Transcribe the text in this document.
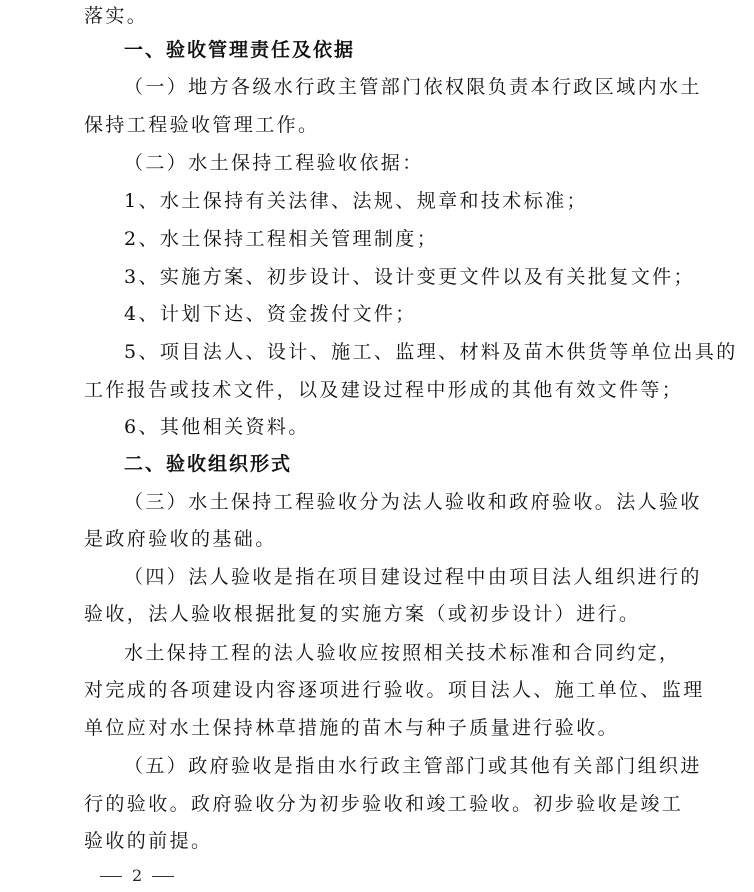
落实。
一、验收管理责任及依据
（一）地方各级水行政主管部门依权限负责本行政区域内水土
保持工程验收管理工作。
（二）水土保持工程验收依据：
1、水土保持有关法律、法规、规章和技术标准；
2、水土保持工程相关管理制度；
3、实施方案、初步设计、设计变更文件以及有关批复文件；
4、计划下达、资金拨付文件；
5、项目法人、设计、施工、监理、材料及苗木供货等单位出具的
工作报告或技术文件，以及建设过程中形成的其他有效文件等；
6、其他相关资料。
二、验收组织形式
（三）水土保持工程验收分为法人验收和政府验收。法人验收
是政府验收的基础。
（四）法人验收是指在项目建设过程中由项目法人组织进行的
验收，法人验收根据批复的实施方案（或初步设计）进行。
水土保持工程的法人验收应按照相关技术标准和合同约定，
对完成的各项建设内容逐项进行验收。项目法人、施工单位、监理
单位应对水土保持林草措施的苗木与种子质量进行验收。
（五）政府验收是指由水行政主管部门或其他有关部门组织进
行的验收。政府验收分为初步验收和竣工验收。初步验收是竣工
验收的前提。
2
